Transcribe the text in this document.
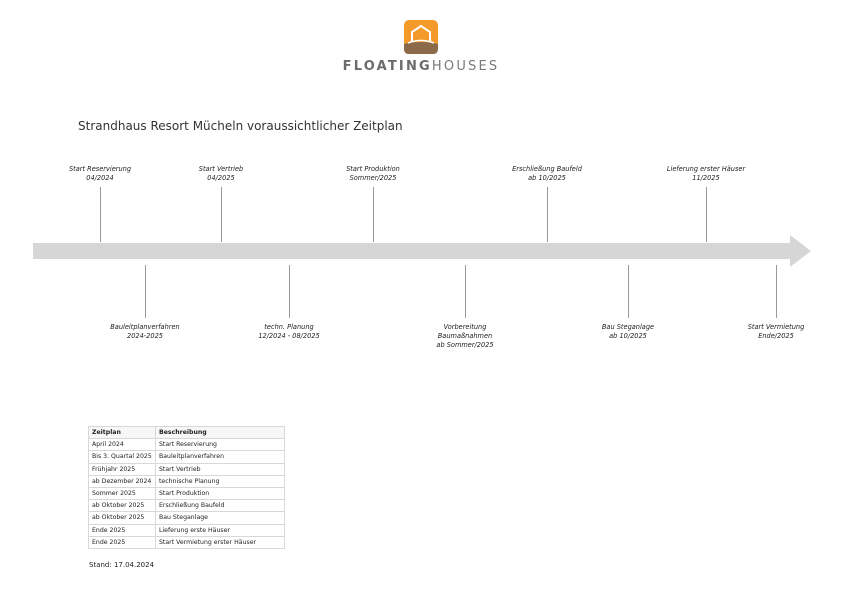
FLOATINGHOUSES
Strandhaus Resort Mücheln voraussichtlicher Zeitplan
Start Reservierung
04/2024
Start Vertrieb
04/2025
Start Produktion
Sommer/2025
Erschließung Baufeld
ab 10/2025
Lieferung erster Häuser
11/2025
Bauleitplanverfahren
2024-2025
techn. Planung
12/2024 - 08/2025
Vorbereitung
Baumaßnahmen
ab Sommer/2025
Bau Steganlage
ab 10/2025
Start Vermietung
Ende/2025
Zeitplan	Beschreibung
April 2024	Start Reservierung
Bis 3. Quartal 2025	Bauleitplanverfahren
Frühjahr 2025	Start Vertrieb
ab Dezember 2024	technische Planung
Sommer 2025	Start Produktion
ab Oktober 2025	Erschließung Baufeld
ab Oktober 2025	Bau Steganlage
Ende 2025	Lieferung erste Häuser
Ende 2025	Start Vermietung erster Häuser
Stand: 17.04.2024
